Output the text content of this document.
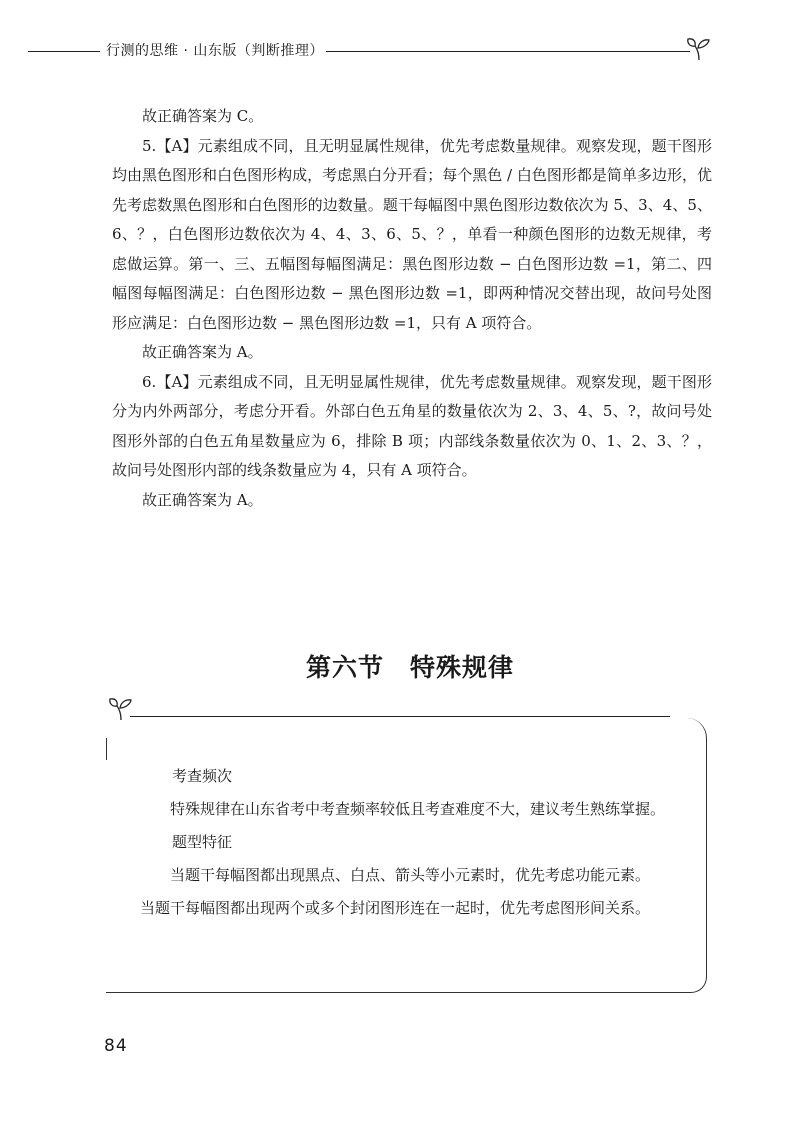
行测的思维 · 山东版（判断推理）

故正确答案为 C。

5.【A】元素组成不同，且无明显属性规律，优先考虑数量规律。观察发现，题干图形均由黑色图形和白色图形构成，考虑黑白分开看；每个黑色 / 白色图形都是简单多边形，优先考虑数黑色图形和白色图形的边数量。题干每幅图中黑色图形边数依次为 5、3、4、5、6、？，白色图形边数依次为 4、4、3、6、5、？，单看一种颜色图形的边数无规律，考虑做运算。第一、三、五幅图每幅图满足：黑色图形边数 − 白色图形边数 =1，第二、四幅图每幅图满足：白色图形边数 − 黑色图形边数 =1，即两种情况交替出现，故问号处图形应满足：白色图形边数 − 黑色图形边数 =1，只有 A 项符合。

故正确答案为 A。

6.【A】元素组成不同，且无明显属性规律，优先考虑数量规律。观察发现，题干图形分为内外两部分，考虑分开看。外部白色五角星的数量依次为 2、3、4、5、?，故问号处图形外部的白色五角星数量应为 6，排除 B 项；内部线条数量依次为 0、1、2、3、？，故问号处图形内部的线条数量应为 4，只有 A 项符合。

故正确答案为 A。

第六节　特殊规律

考查频次

特殊规律在山东省考中考查频率较低且考查难度不大，建议考生熟练掌握。

题型特征

当题干每幅图都出现黑点、白点、箭头等小元素时，优先考虑功能元素。

当题干每幅图都出现两个或多个封闭图形连在一起时，优先考虑图形间关系。

84
